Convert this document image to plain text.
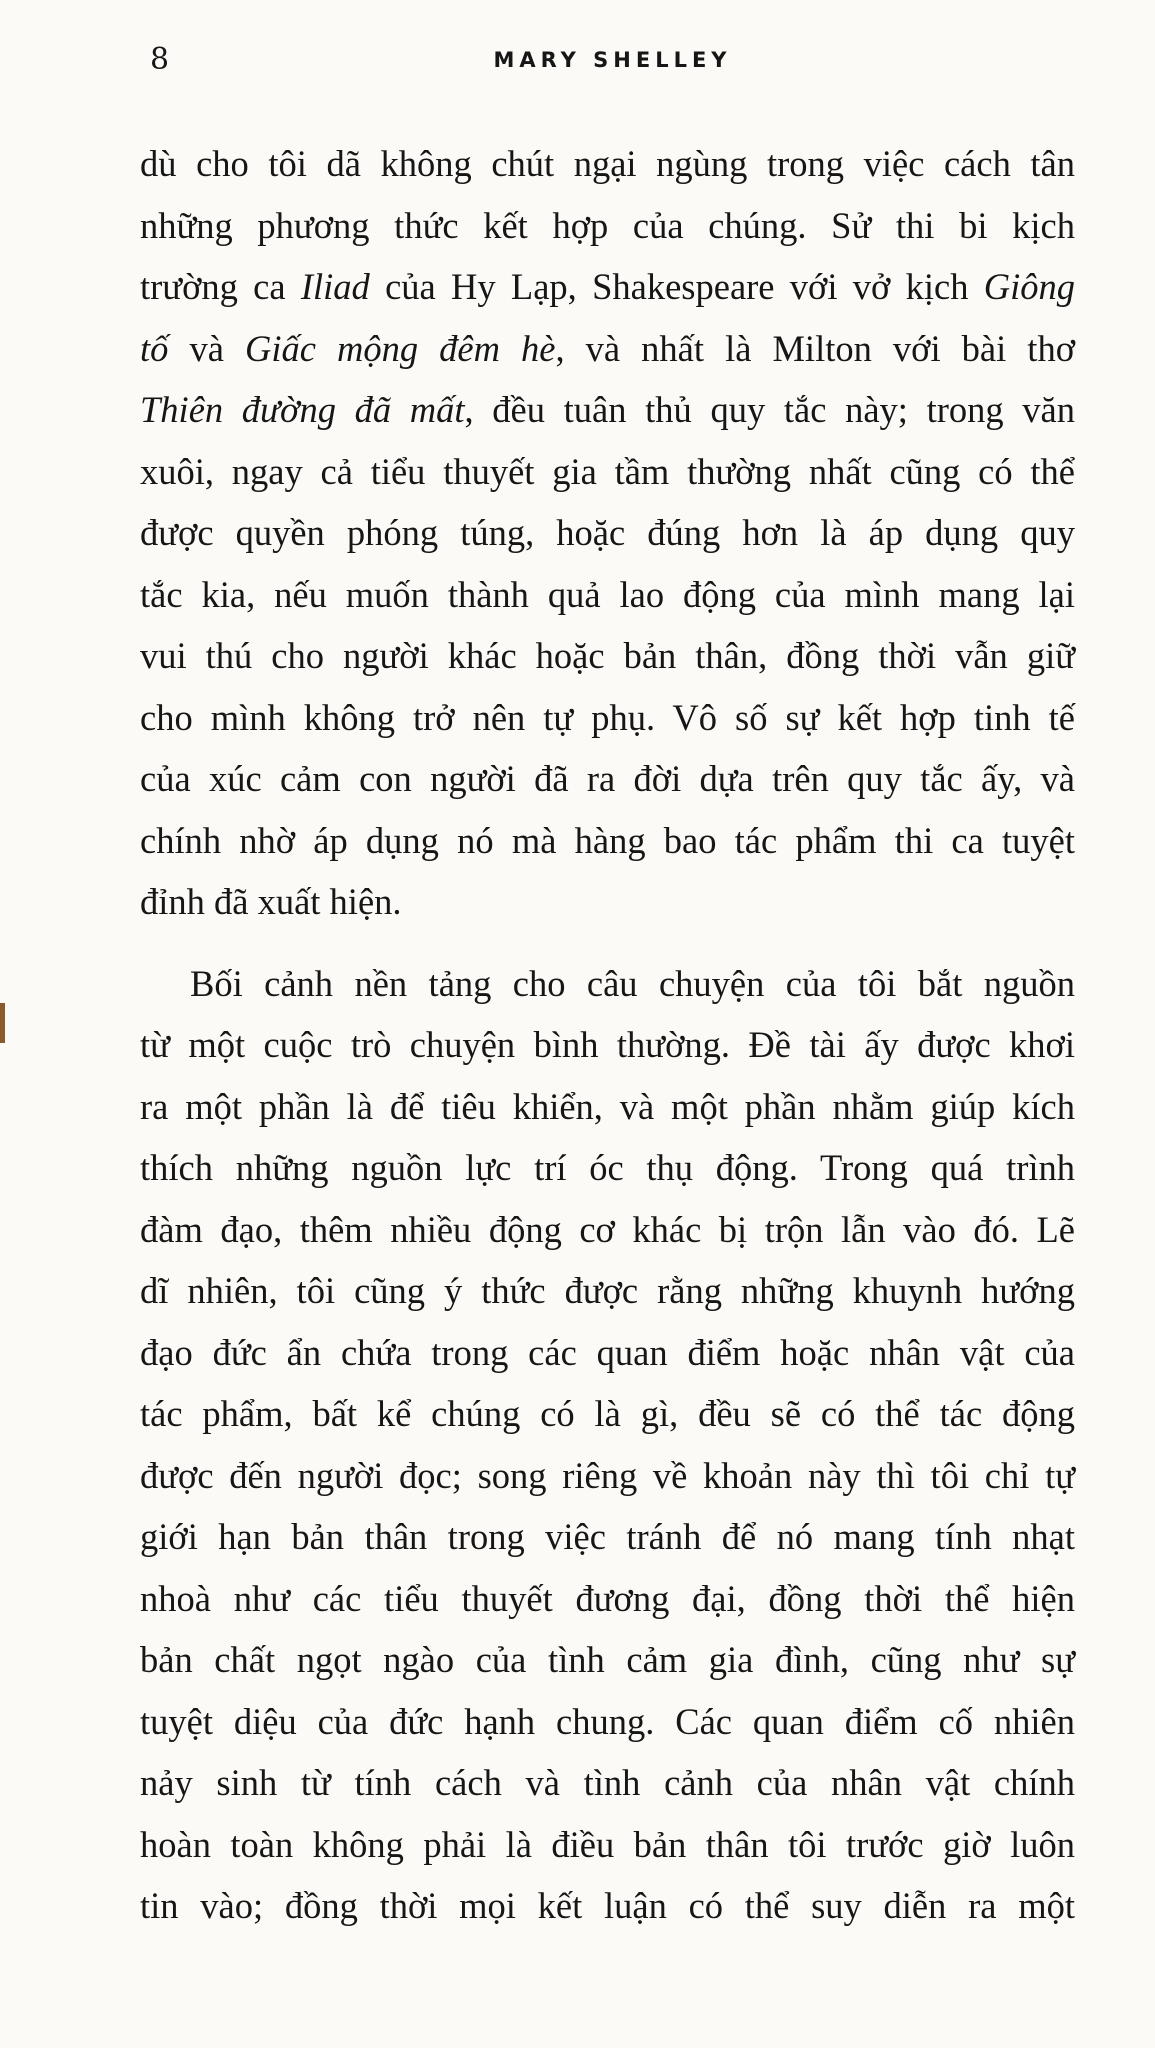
8	MARY SHELLEY
dù cho tôi dã không chút ngại ngùng trong việc cách tân
những phương thức kết hợp của chúng. Sử thi bi kịch
trường ca Iliad của Hy Lạp, Shakespeare với vở kịch Giông
tố và Giấc mộng đêm hè, và nhất là Milton với bài thơ
Thiên đường đã mất, đều tuân thủ quy tắc này; trong văn
xuôi, ngay cả tiểu thuyết gia tầm thường nhất cũng có thể
được quyền phóng túng, hoặc đúng hơn là áp dụng quy
tắc kia, nếu muốn thành quả lao động của mình mang lại
vui thú cho người khác hoặc bản thân, đồng thời vẫn giữ
cho mình không trở nên tự phụ. Vô số sự kết hợp tinh tế
của xúc cảm con người đã ra đời dựa trên quy tắc ấy, và
chính nhờ áp dụng nó mà hàng bao tác phẩm thi ca tuyệt
đỉnh đã xuất hiện.
Bối cảnh nền tảng cho câu chuyện của tôi bắt nguồn
từ một cuộc trò chuyện bình thường. Đề tài ấy được khơi
ra một phần là để tiêu khiển, và một phần nhằm giúp kích
thích những nguồn lực trí óc thụ động. Trong quá trình
đàm đạo, thêm nhiều động cơ khác bị trộn lẫn vào đó. Lẽ
dĩ nhiên, tôi cũng ý thức được rằng những khuynh hướng
đạo đức ẩn chứa trong các quan điểm hoặc nhân vật của
tác phẩm, bất kể chúng có là gì, đều sẽ có thể tác động
được đến người đọc; song riêng về khoản này thì tôi chỉ tự
giới hạn bản thân trong việc tránh để nó mang tính nhạt
nhoà như các tiểu thuyết đương đại, đồng thời thể hiện
bản chất ngọt ngào của tình cảm gia đình, cũng như sự
tuyệt diệu của đức hạnh chung. Các quan điểm cố nhiên
nảy sinh từ tính cách và tình cảnh của nhân vật chính
hoàn toàn không phải là điều bản thân tôi trước giờ luôn
tin vào; đồng thời mọi kết luận có thể suy diễn ra một
